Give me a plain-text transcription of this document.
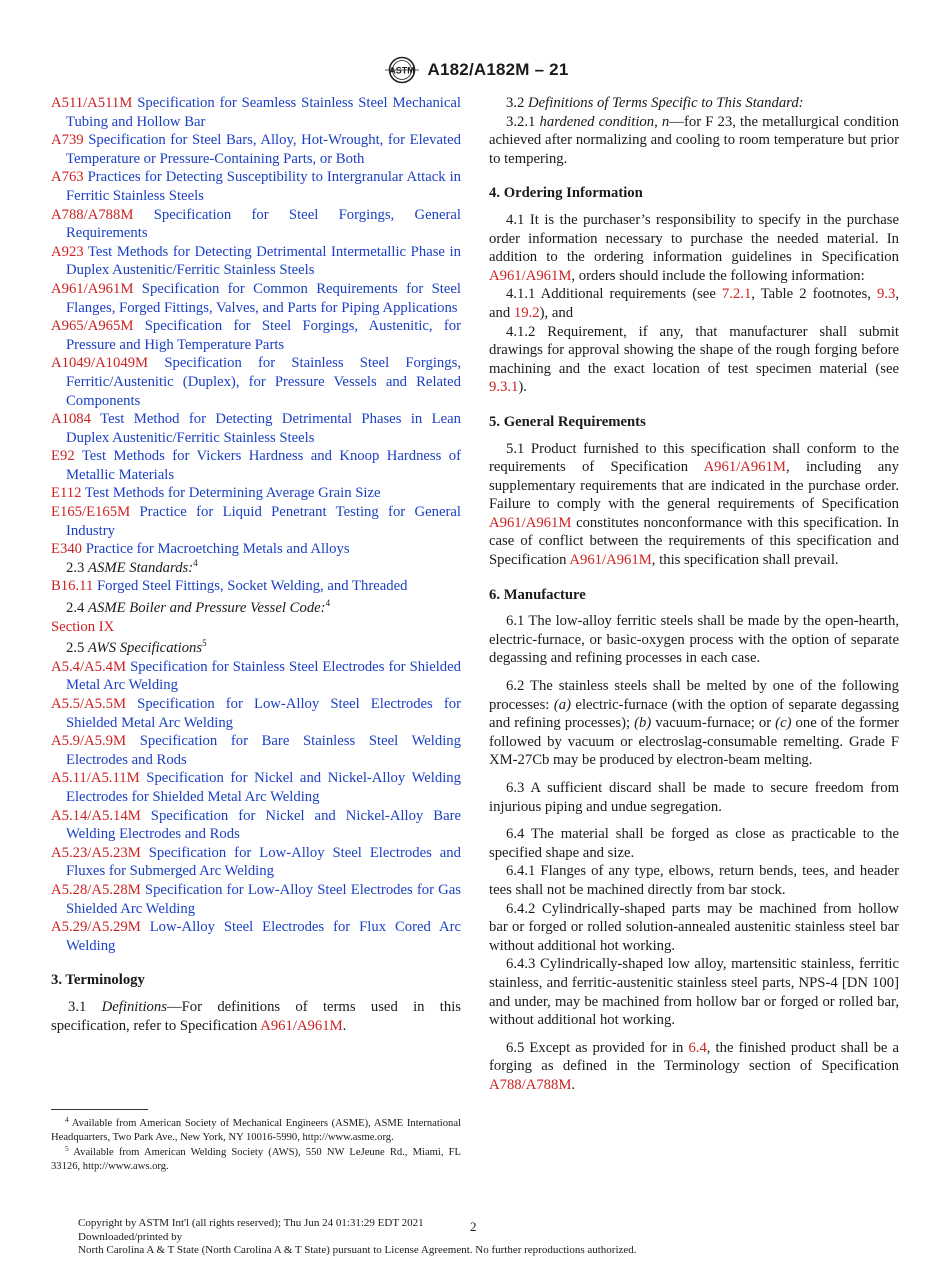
ASTM A182/A182M – 21
A511/A511M Specification for Seamless Stainless Steel Mechanical Tubing and Hollow Bar
A739 Specification for Steel Bars, Alloy, Hot-Wrought, for Elevated Temperature or Pressure-Containing Parts, or Both
A763 Practices for Detecting Susceptibility to Intergranular Attack in Ferritic Stainless Steels
A788/A788M Specification for Steel Forgings, General Requirements
A923 Test Methods for Detecting Detrimental Intermetallic Phase in Duplex Austenitic/Ferritic Stainless Steels
A961/A961M Specification for Common Requirements for Steel Flanges, Forged Fittings, Valves, and Parts for Piping Applications
A965/A965M Specification for Steel Forgings, Austenitic, for Pressure and High Temperature Parts
A1049/A1049M Specification for Stainless Steel Forgings, Ferritic/Austenitic (Duplex), for Pressure Vessels and Related Components
A1084 Test Method for Detecting Detrimental Phases in Lean Duplex Austenitic/Ferritic Stainless Steels
E92 Test Methods for Vickers Hardness and Knoop Hardness of Metallic Materials
E112 Test Methods for Determining Average Grain Size
E165/E165M Practice for Liquid Penetrant Testing for General Industry
E340 Practice for Macroetching Metals and Alloys
2.3 ASME Standards:$^4$
B16.11 Forged Steel Fittings, Socket Welding, and Threaded
2.4 ASME Boiler and Pressure Vessel Code:$^4$
Section IX
2.5 AWS Specifications$^5$
A5.4/A5.4M Specification for Stainless Steel Electrodes for Shielded Metal Arc Welding
A5.5/A5.5M Specification for Low-Alloy Steel Electrodes for Shielded Metal Arc Welding
A5.9/A5.9M Specification for Bare Stainless Steel Welding Electrodes and Rods
A5.11/A5.11M Specification for Nickel and Nickel-Alloy Welding Electrodes for Shielded Metal Arc Welding
A5.14/A5.14M Specification for Nickel and Nickel-Alloy Bare Welding Electrodes and Rods
A5.23/A5.23M Specification for Low-Alloy Steel Electrodes and Fluxes for Submerged Arc Welding
A5.28/A5.28M Specification for Low-Alloy Steel Electrodes for Gas Shielded Arc Welding
A5.29/A5.29M Low-Alloy Steel Electrodes for Flux Cored Arc Welding
3. Terminology
3.1 Definitions—For definitions of terms used in this specification, refer to Specification A961/A961M.
3.2 Definitions of Terms Specific to This Standard:
3.2.1 hardened condition, n—for F 23, the metallurgical condition achieved after normalizing and cooling to room temperature but prior to tempering.
4. Ordering Information
4.1 It is the purchaser’s responsibility to specify in the purchase order information necessary to purchase the needed material. In addition to the ordering information guidelines in Specification A961/A961M, orders should include the following information:
4.1.1 Additional requirements (see 7.2.1, Table 2 footnotes, 9.3, and 19.2), and
4.1.2 Requirement, if any, that manufacturer shall submit drawings for approval showing the shape of the rough forging before machining and the exact location of test specimen material (see 9.3.1).
5. General Requirements
5.1 Product furnished to this specification shall conform to the requirements of Specification A961/A961M, including any supplementary requirements that are indicated in the purchase order. Failure to comply with the general requirements of Specification A961/A961M constitutes nonconformance with this specification. In case of conflict between the requirements of this specification and Specification A961/A961M, this specification shall prevail.
6. Manufacture
6.1 The low-alloy ferritic steels shall be made by the open-hearth, electric-furnace, or basic-oxygen process with the option of separate degassing and refining processes in each case.
6.2 The stainless steels shall be melted by one of the following processes: (a) electric-furnace (with the option of separate degassing and refining processes); (b) vacuum-furnace; or (c) one of the former followed by vacuum or electroslag-consumable remelting. Grade F XM-27Cb may be produced by electron-beam melting.
6.3 A sufficient discard shall be made to secure freedom from injurious piping and undue segregation.
6.4 The material shall be forged as close as practicable to the specified shape and size.
6.4.1 Flanges of any type, elbows, return bends, tees, and header tees shall not be machined directly from bar stock.
6.4.2 Cylindrically-shaped parts may be machined from hollow bar or forged or rolled solution-annealed austenitic stainless steel bar without additional hot working.
6.4.3 Cylindrically-shaped low alloy, martensitic stainless, ferritic stainless, and ferritic-austenitic stainless steel parts, NPS-4 [DN 100] and under, may be machined from hollow bar or forged or rolled bar, without additional hot working.
6.5 Except as provided for in 6.4, the finished product shall be a forging as defined in the Terminology section of Specification A788/A788M.
$^4$ Available from American Society of Mechanical Engineers (ASME), ASME International Headquarters, Two Park Ave., New York, NY 10016-5990, http://www.asme.org.
$^5$ Available from American Welding Society (AWS), 550 NW LeJeune Rd., Miami, FL 33126, http://www.aws.org.
Copyright by ASTM Int'l (all rights reserved); Thu Jun 24 01:31:29 EDT 2021
Downloaded/printed by
North Carolina A & T State (North Carolina A & T State) pursuant to License Agreement. No further reproductions authorized.
2
